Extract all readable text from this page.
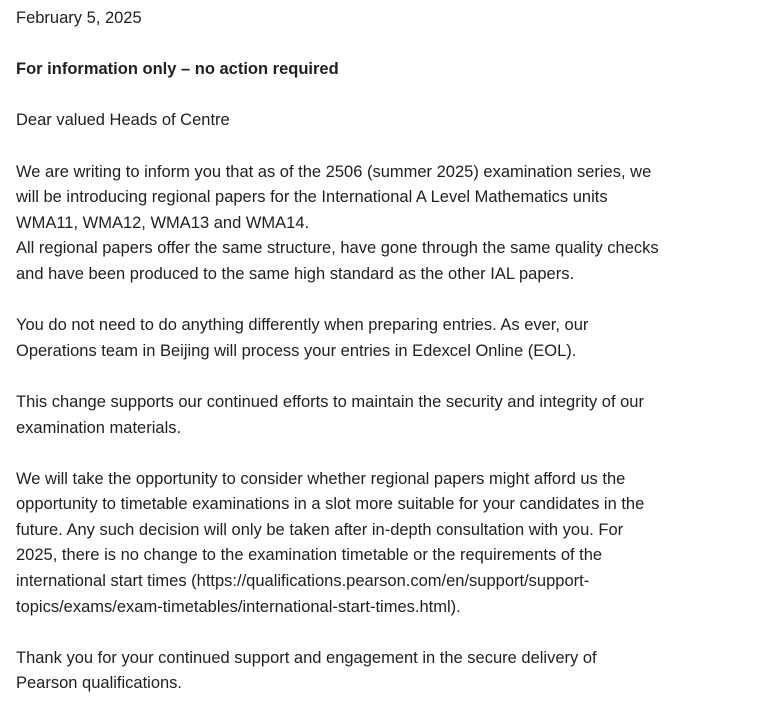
February 5, 2025
For information only – no action required
Dear valued Heads of Centre
We are writing to inform you that as of the 2506 (summer 2025) examination series, we
will be introducing regional papers for the International A Level Mathematics units
WMA11, WMA12, WMA13 and WMA14.
All regional papers offer the same structure, have gone through the same quality checks
and have been produced to the same high standard as the other IAL papers.
You do not need to do anything differently when preparing entries. As ever, our
Operations team in Beijing will process your entries in Edexcel Online (EOL).
This change supports our continued efforts to maintain the security and integrity of our
examination materials.
We will take the opportunity to consider whether regional papers might afford us the
opportunity to timetable examinations in a slot more suitable for your candidates in the
future. Any such decision will only be taken after in-depth consultation with you. For
2025, there is no change to the examination timetable or the requirements of the
international start times (https://qualifications.pearson.com/en/support/support-
topics/exams/exam-timetables/international-start-times.html).
Thank you for your continued support and engagement in the secure delivery of
Pearson qualifications.
